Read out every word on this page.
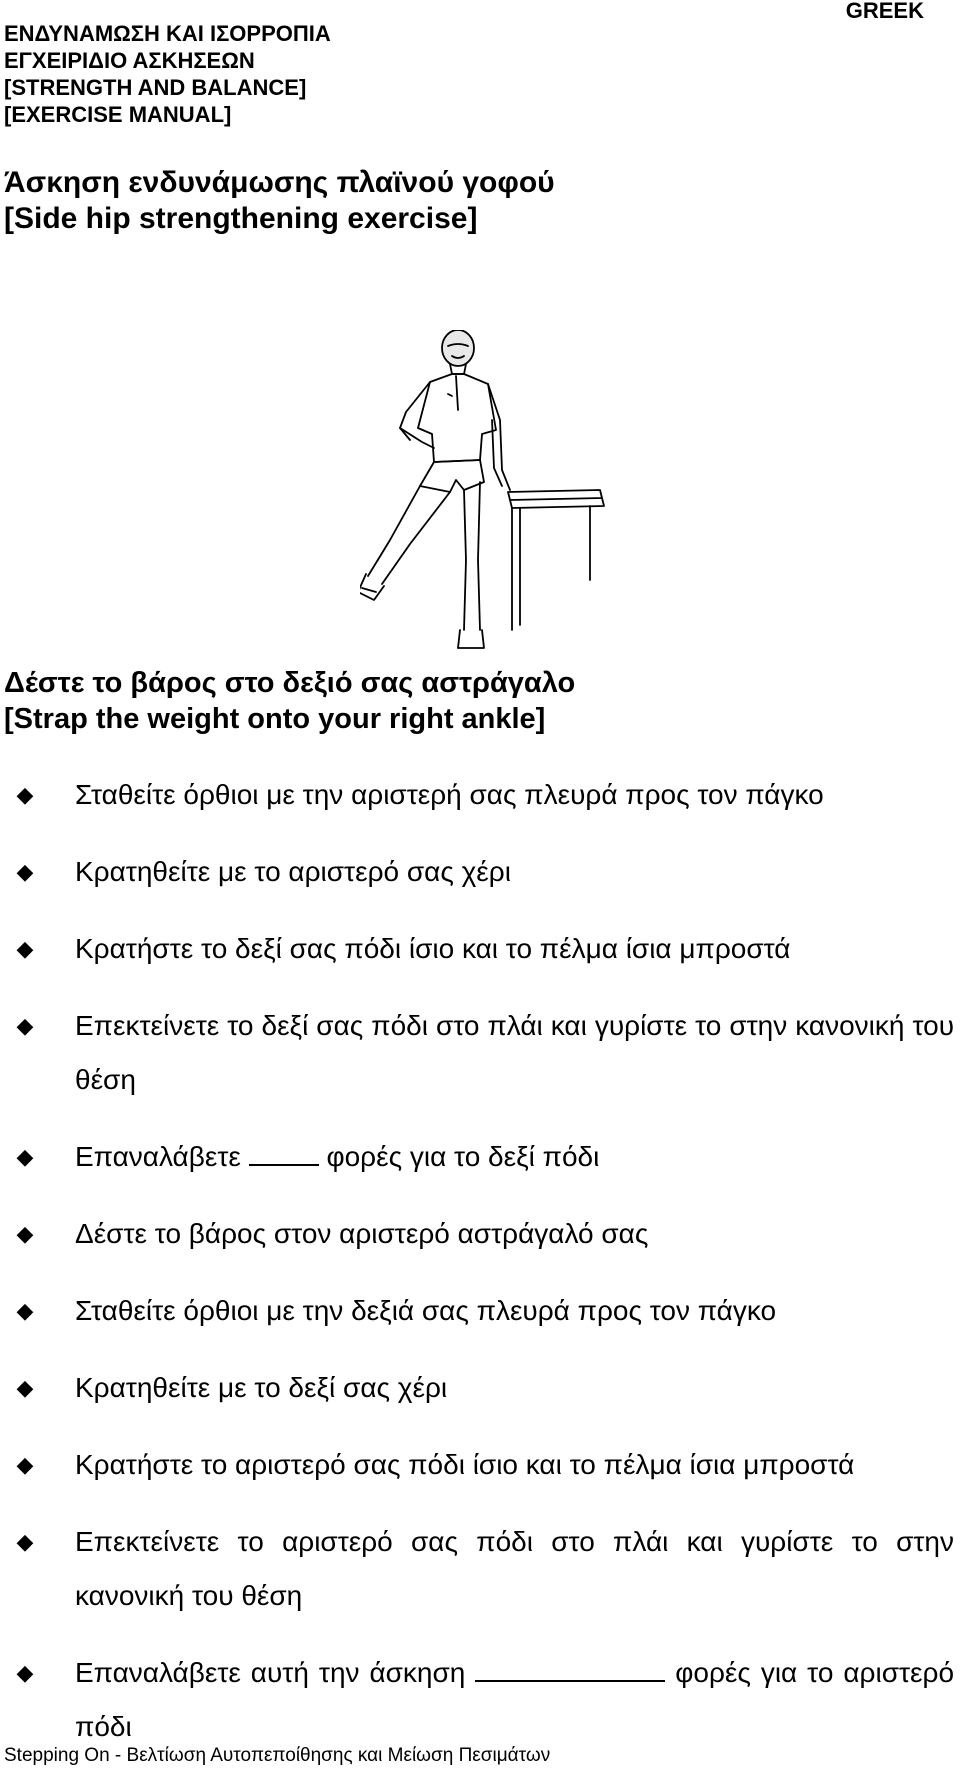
ΕΝΔΥΝΑΜΩΣΗ ΚΑΙ ΙΣΟΡΡΟΠΙΑ
ΕΓΧΕΙΡΙΔΙΟ ΑΣΚΗΣΕΩΝ
[STRENGTH AND BALANCE]
[EXERCISE MANUAL]
GREEK
Άσκηση ενδυνάμωσης πλαϊνού γοφού
[Side hip strengthening exercise]
Δέστε το βάρος στο δεξιό σας αστράγαλο
[Strap the weight onto your right ankle]
◆	Σταθείτε όρθιοι με την αριστερή σας πλευρά προς τον πάγκο
◆	Κρατηθείτε με το αριστερό σας χέρι
◆	Κρατήστε το δεξί σας πόδι ίσιο και το πέλμα ίσια μπροστά
◆	Επεκτείνετε το δεξί σας πόδι στο πλάι και γυρίστε το στην κανονική του θέση
◆	Επαναλάβετε	φορές για το δεξί πόδι
◆	Δέστε το βάρος στον αριστερό αστράγαλό σας
◆	Σταθείτε όρθιοι με την δεξιά σας πλευρά προς τον πάγκο
◆	Κρατηθείτε με το δεξί σας χέρι
◆	Κρατήστε το αριστερό σας πόδι ίσιο και το πέλμα ίσια μπροστά
◆	Επεκτείνετε το αριστερό σας πόδι στο πλάι και γυρίστε το στην κανονική του θέση
◆	Επαναλάβετε αυτή την άσκηση	φορές για το αριστερό πόδι
Stepping On - Βελτίωση Αυτοπεποίθησης και Μείωση Πεσιμάτων
